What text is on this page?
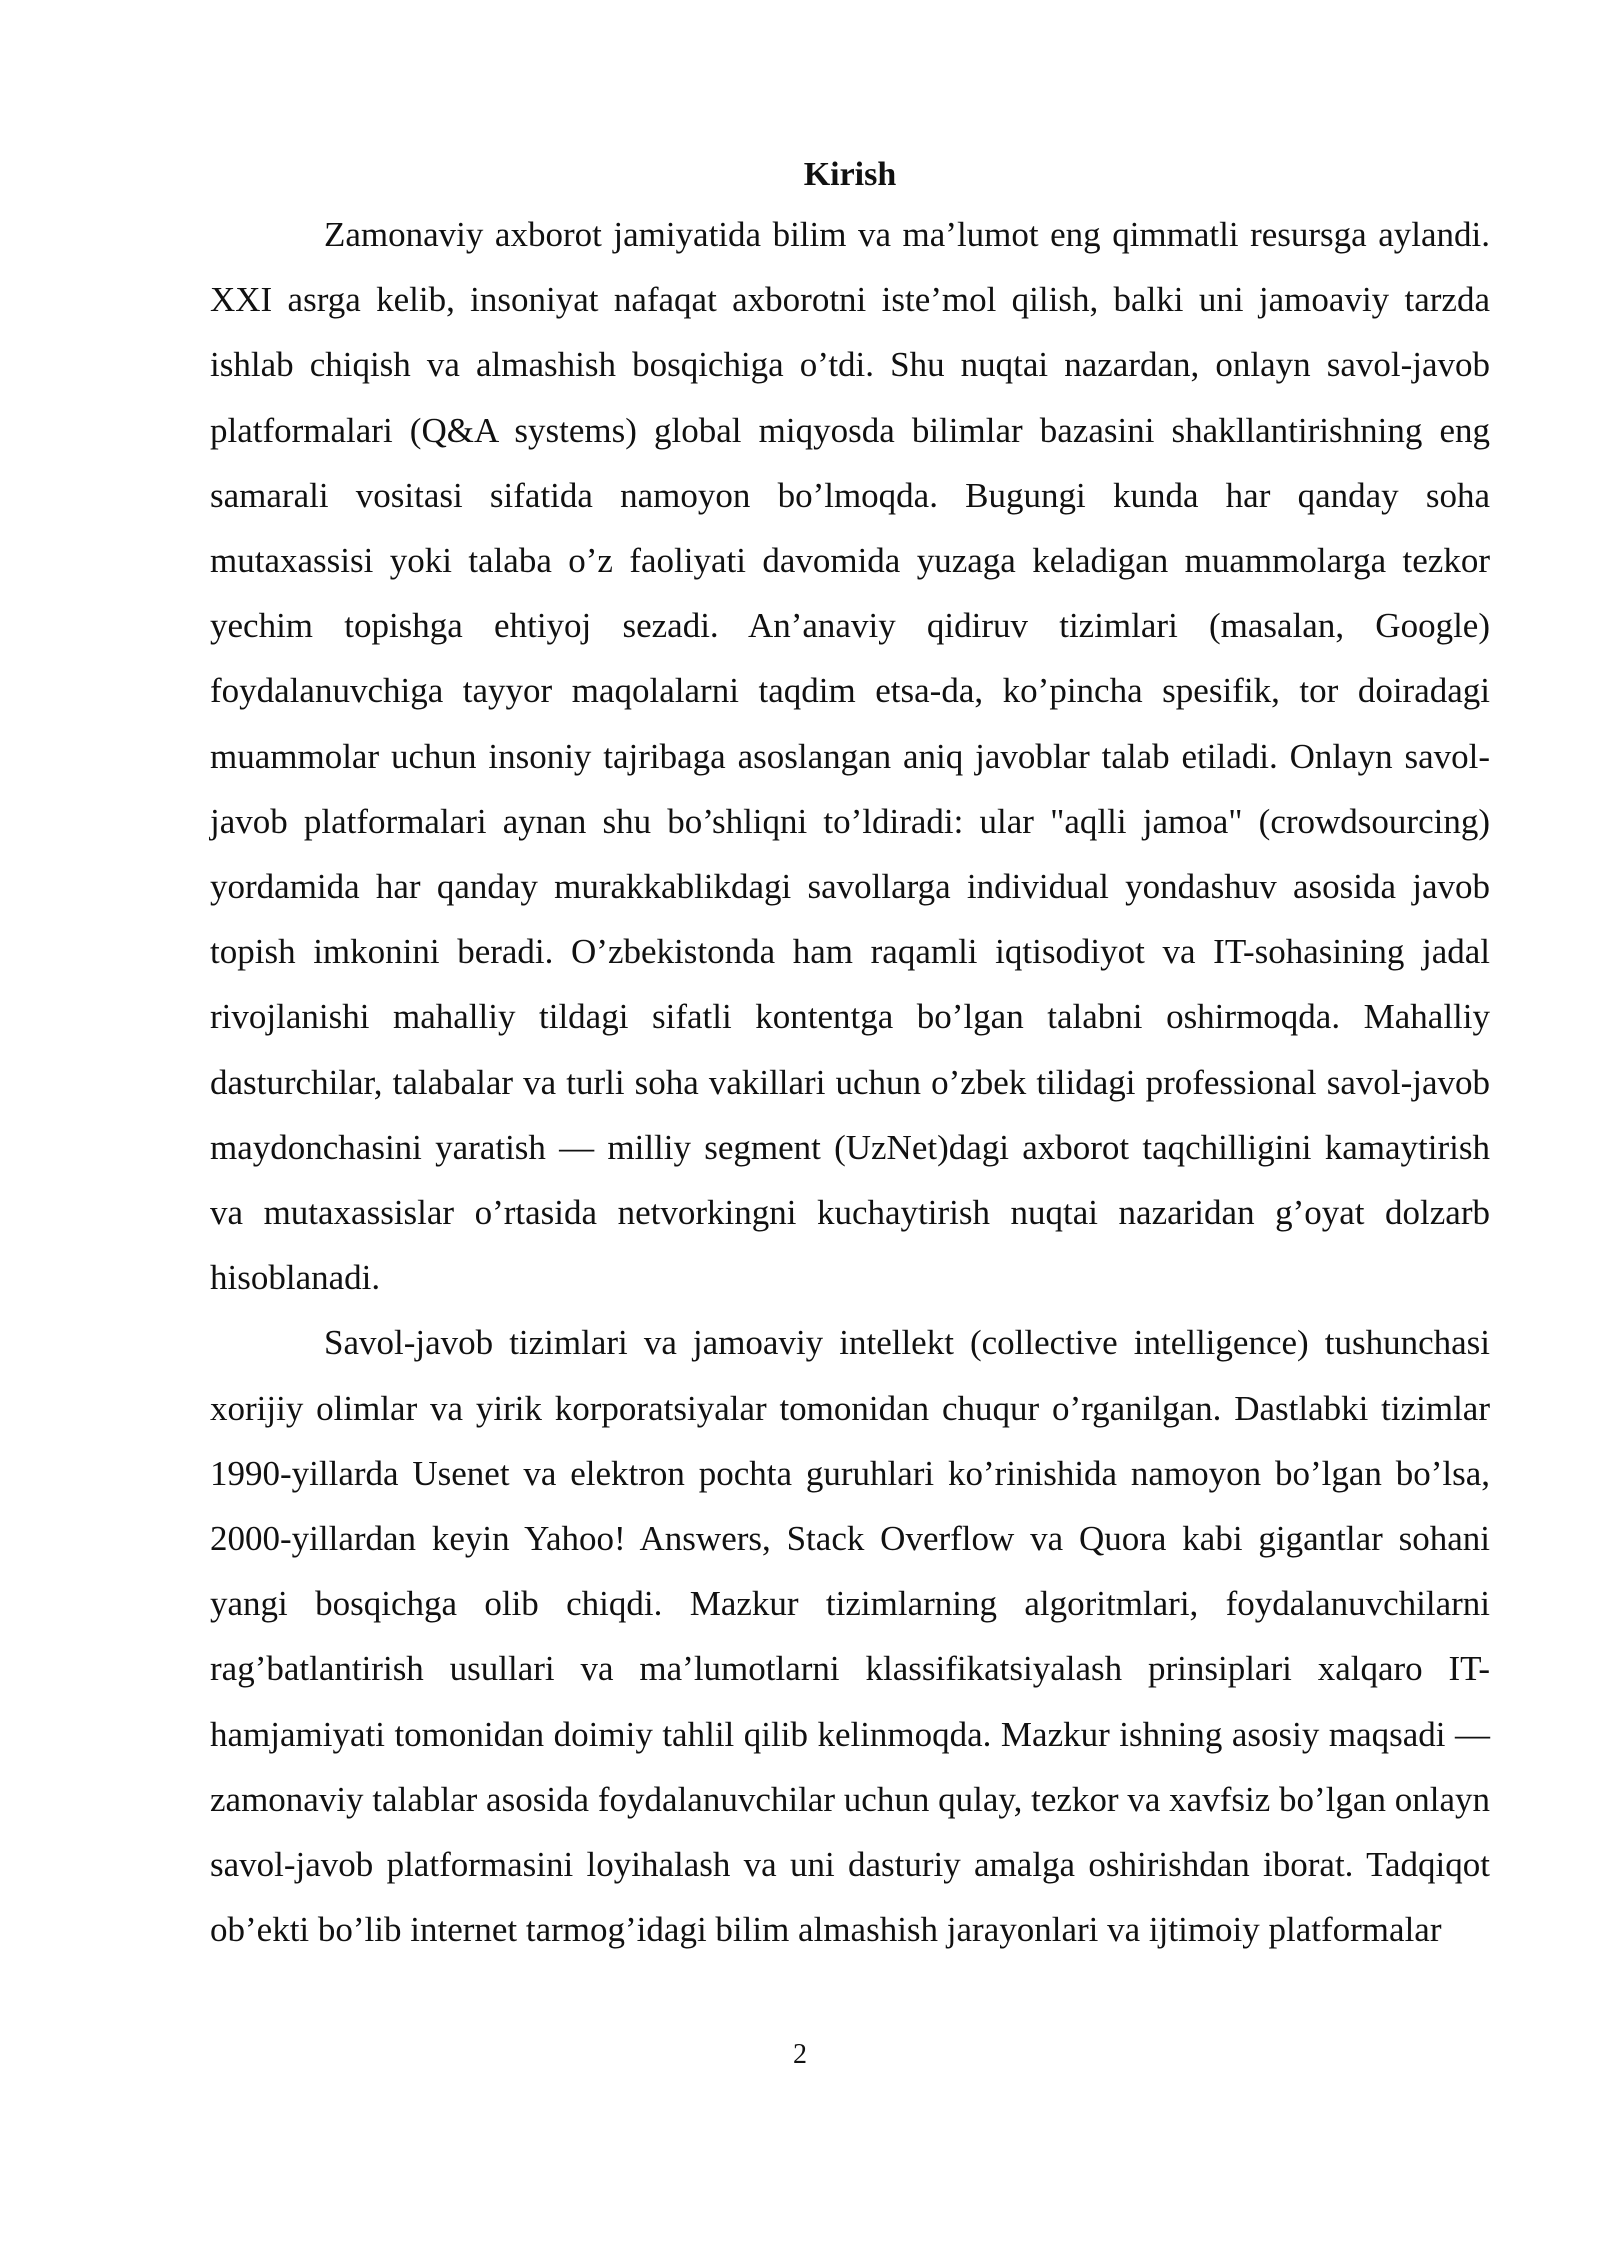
Kirish

Zamonaviy axborot jamiyatida bilim va ma’lumot eng qimmatli resursga aylandi. XXI asrga kelib, insoniyat nafaqat axborotni iste’mol qilish, balki uni jamoaviy tarzda ishlab chiqish va almashish bosqichiga o’tdi. Shu nuqtai nazardan, onlayn savol-javob platformalari (Q&A systems) global miqyosda bilimlar bazasini shakllantirishning eng samarali vositasi sifatida namoyon bo’lmoqda. Bugungi kunda har qanday soha mutaxassisi yoki talaba o’z faoliyati davomida yuzaga keladigan muammolarga tezkor yechim topishga ehtiyoj sezadi. An’anaviy qidiruv tizimlari (masalan, Google) foydalanuvchiga tayyor maqolalarni taqdim etsa-da, ko’pincha spesifik, tor doiradagi muammolar uchun insoniy tajribaga asoslangan aniq javoblar talab etiladi. Onlayn savol-javob platformalari aynan shu bo’shliqni to’ldiradi: ular "aqlli jamoa" (crowdsourcing) yordamida har qanday murakkablikdagi savollarga individual yondashuv asosida javob topish imkonini beradi. O’zbekistonda ham raqamli iqtisodiyot va IT-sohasining jadal rivojlanishi mahalliy tildagi sifatli kontentga bo’lgan talabni oshirmoqda. Mahalliy dasturchilar, talabalar va turli soha vakillari uchun o’zbek tilidagi professional savol-javob maydonchasini yaratish — milliy segment (UzNet)dagi axborot taqchilligini kamaytirish va mutaxassislar o’rtasida netvorkingni kuchaytirish nuqtai nazaridan g’oyat dolzarb hisoblanadi.

Savol-javob tizimlari va jamoaviy intellekt (collective intelligence) tushunchasi xorijiy olimlar va yirik korporatsiyalar tomonidan chuqur o’rganilgan. Dastlabki tizimlar 1990-yillarda Usenet va elektron pochta guruhlari ko’rinishida namoyon bo’lgan bo’lsa, 2000-yillardan keyin Yahoo! Answers, Stack Overflow va Quora kabi gigantlar sohani yangi bosqichga olib chiqdi. Mazkur tizimlarning algoritmlari, foydalanuvchilarni rag’batlantirish usullari va ma’lumotlarni klassifikatsiyalash prinsiplari xalqaro IT-hamjamiyati tomonidan doimiy tahlil qilib kelinmoqda. Mazkur ishning asosiy maqsadi — zamonaviy talablar asosida foydalanuvchilar uchun qulay, tezkor va xavfsiz bo’lgan onlayn savol-javob platformasini loyihalash va uni dasturiy amalga oshirishdan iborat. Tadqiqot ob’ekti bo’lib internet tarmog’idagi bilim almashish jarayonlari va ijtimoiy platformalar

2
